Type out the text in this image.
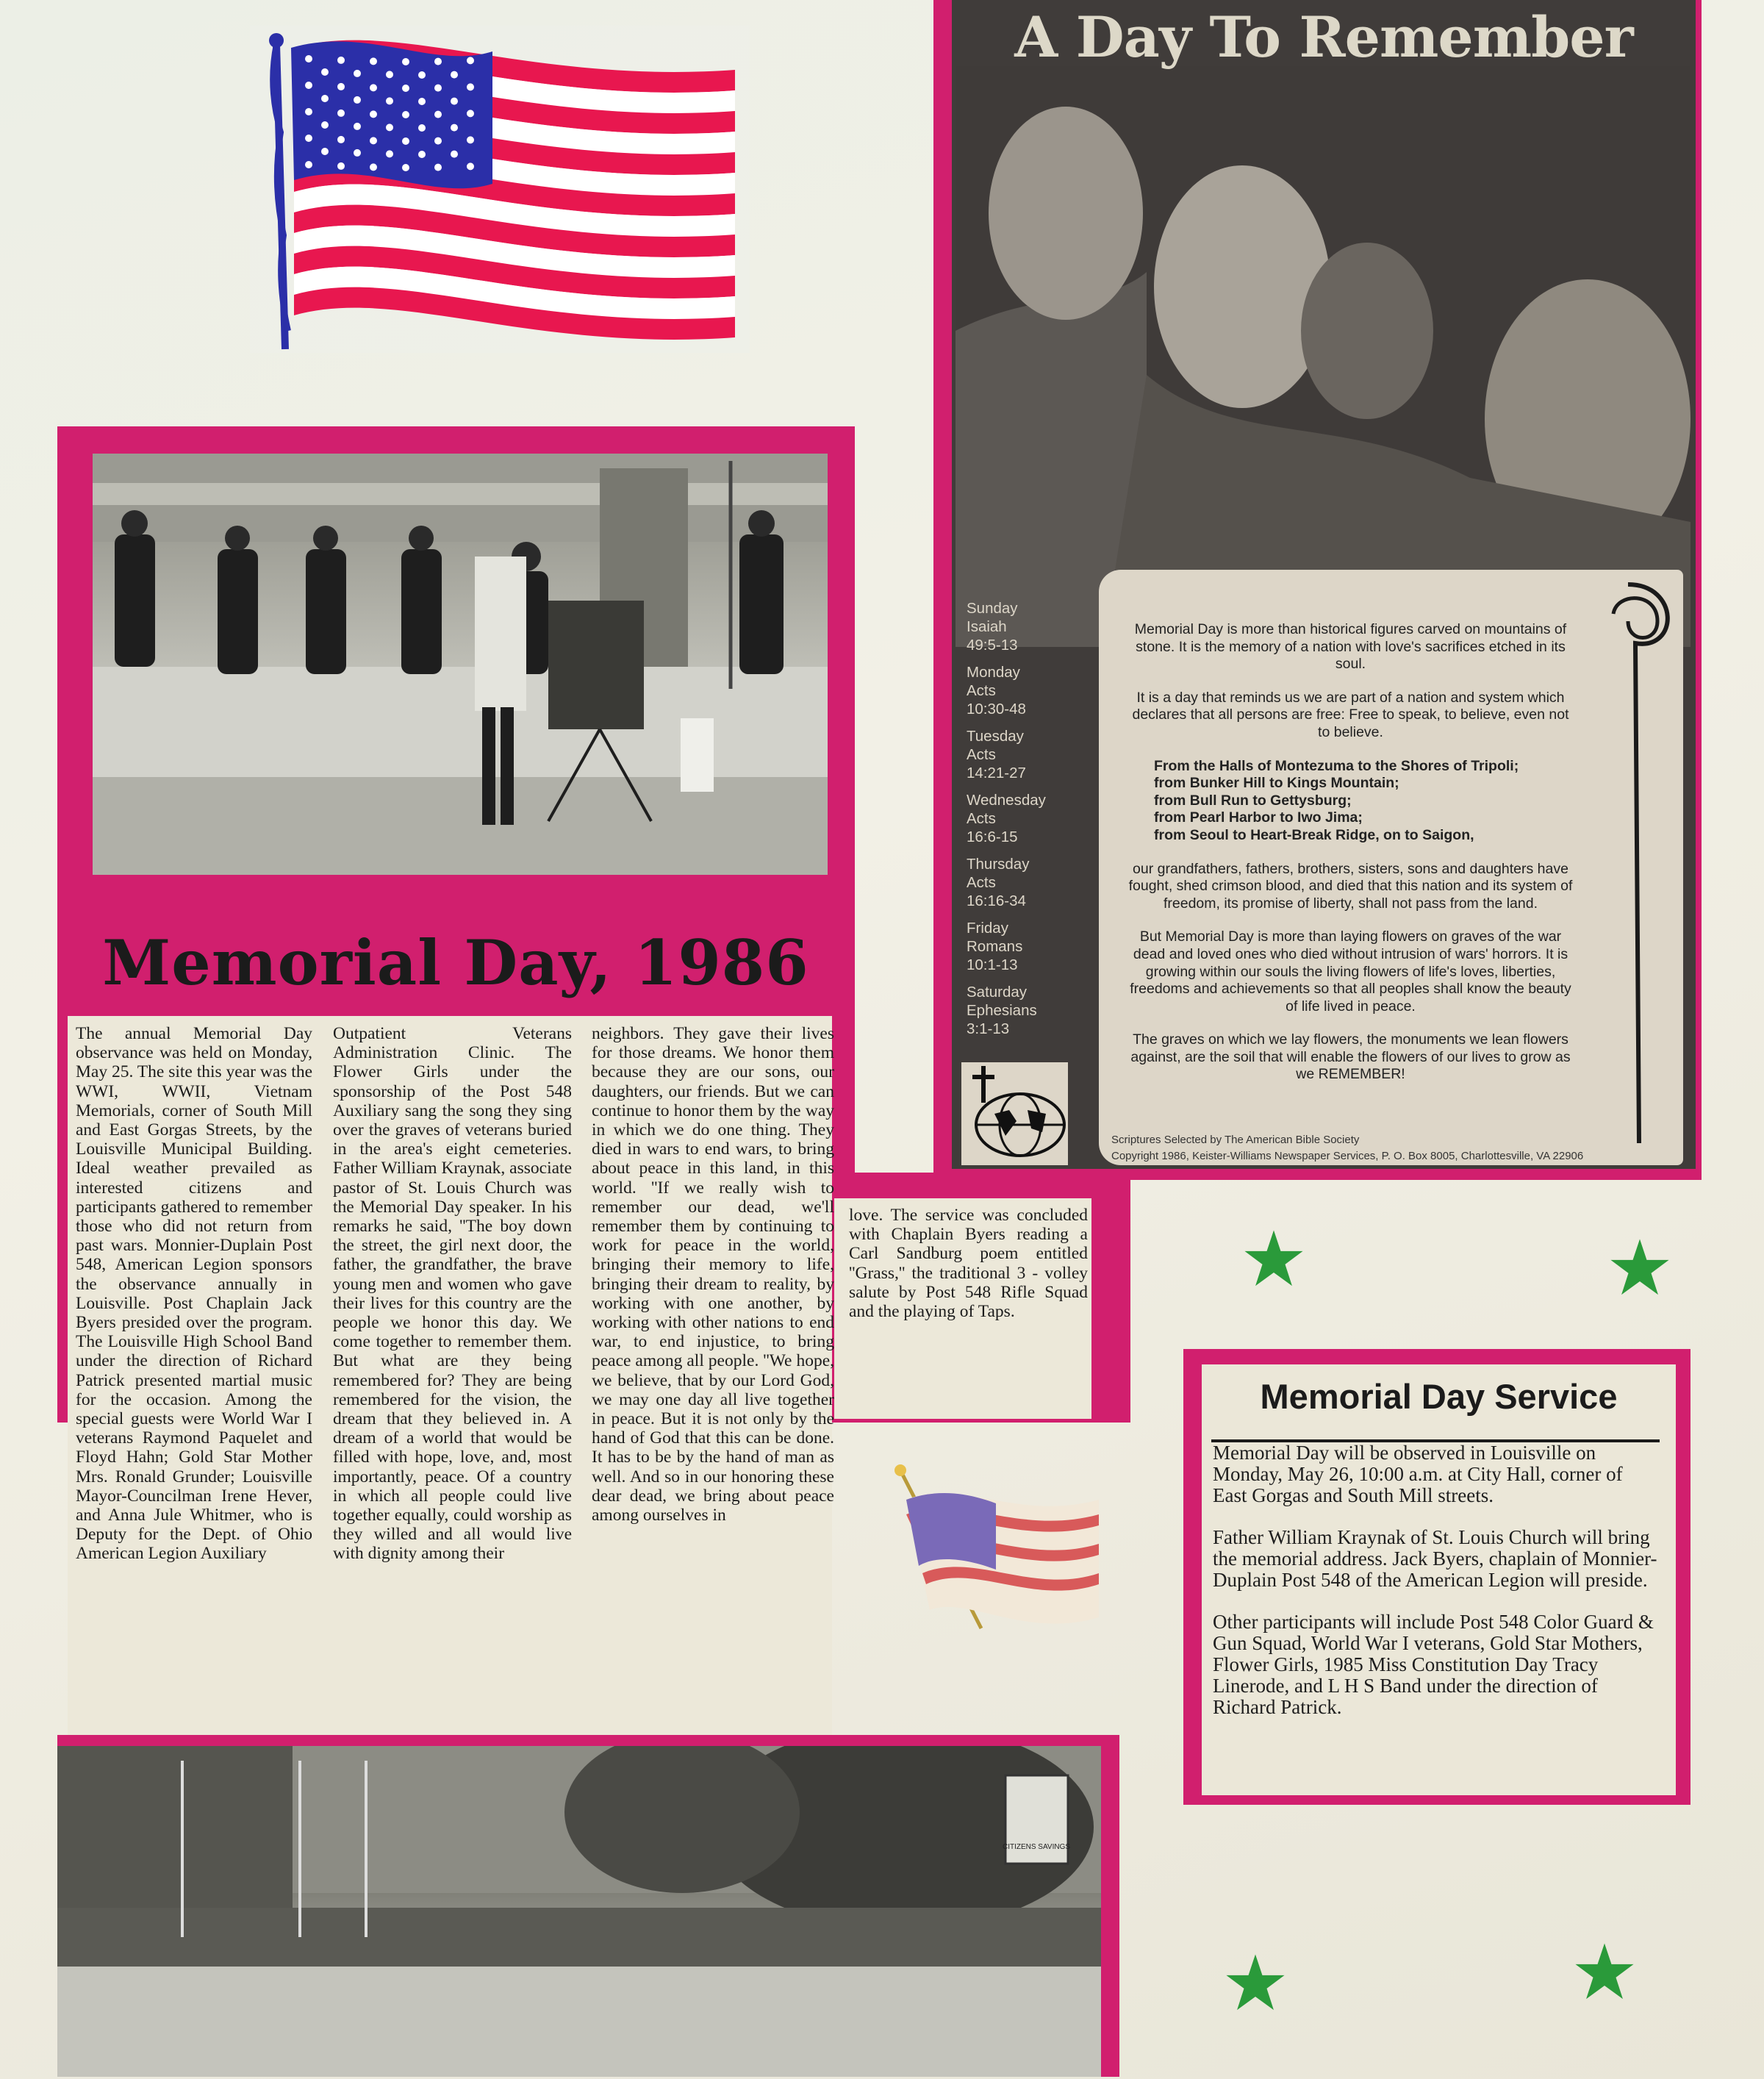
Memorial Day, 1986
The annual Memorial Day observance was held on Monday, May 25. The site this year was the WWI, WWII, Vietnam Memorials, corner of South Mill and East Gorgas Streets, by the Louisville Municipal Building. Ideal weather prevailed as interested citizens and participants gathered to remember those who did not return from past wars. Monnier-Duplain Post 548, American Legion sponsors the observance annually in Louisville. Post Chaplain Jack Byers presided over the program. The Louisville High School Band under the direction of Richard Patrick presented martial music for the occasion. Among the special guests were World War I veterans Raymond Paquelet and Floyd Hahn; Gold Star Mother Mrs. Ronald Grunder; Louisville Mayor-Councilman Irene Hever, and Anna Jule Whitmer, who is Deputy for the Dept. of Ohio American Legion Auxiliary
Outpatient Veterans Administration Clinic. The Flower Girls under the sponsorship of the Post 548 Auxiliary sang the song they sing over the graves of veterans buried in the area's eight cemeteries. Father William Kraynak, associate pastor of St. Louis Church was the Memorial Day speaker. In his remarks he said, ''The boy down the street, the girl next door, the father, the grandfather, the brave young men and women who gave their lives for this country are the people we honor this day. We come together to remember them. But what are they being remembered for? They are being remembered for the vision, the dream that they believed in. A dream of a world that would be filled with hope, love, and, most importantly, peace. Of a country in which all people could live together equally, could worship as they willed and all would live with dignity among their
neighbors. They gave their lives for those dreams. We honor them because they are our sons, our daughters, our friends. But we can continue to honor them by the way in which we do one thing. They died in wars to end wars, to bring about peace in this land, in this world. ''If we really wish to remember our dead, we'll remember them by continuing to work for peace in the world, bringing their memory to life, bringing their dream to reality, by working with one another, by working with other nations to end war, to end injustice, to bring peace among all people. ''We hope, we believe, that by our Lord God, we may one day all live together in peace. But it is not only by the hand of God that this can be done. It has to be by the hand of man as well. And so in our honoring these dear dead, we bring about peace among ourselves in
love. The service was concluded with Chaplain Byers reading a Carl Sandburg poem entitled ''Grass,'' the traditional 3 - volley salute by Post 548 Rifle Squad and the playing of Taps.
CITIZENS SAVINGS
A Day To Remember
Sunday
Isaiah
49:5-13
Monday
Acts
10:30-48
Tuesday
Acts
14:21-27
Wednesday
Acts
16:6-15
Thursday
Acts
16:16-34
Friday
Romans
10:1-13
Saturday
Ephesians
3:1-13

Memorial Day is more than historical figures carved on mountains of stone. It is the memory of a nation with love's sacrifices etched in its soul.

It is a day that reminds us we are part of a nation and system which declares that all persons are free: Free to speak, to believe, even not to believe.

From the Halls of Montezuma to the Shores of Tripoli;
from Bunker Hill to Kings Mountain;
from Bull Run to Gettysburg;
from Pearl Harbor to Iwo Jima;
from Seoul to Heart-Break Ridge, on to Saigon,

our grandfathers, fathers, brothers, sisters, sons and daughters have fought, shed crimson blood, and died that this nation and its system of freedom, its promise of liberty, shall not pass from the land.

But Memorial Day is more than laying flowers on graves of the war dead and loved ones who died without intrusion of wars' horrors. It is growing within our souls the living flowers of life's loves, liberties, freedoms and achievements so that all peoples shall know the beauty of life lived in peace.

The graves on which we lay flowers, the monuments we lean flowers against, are the soil that will enable the flowers of our lives to grow as we REMEMBER!

Scriptures Selected by The American Bible Society
Copyright 1986, Keister-Williams Newspaper Services, P. O. Box 8005, Charlottesville, VA 22906
Memorial Day Service

Memorial Day will be observed in Louisville on Monday, May 26, 10:00 a.m. at City Hall, corner of East Gorgas and South Mill streets.

Father William Kraynak of St. Louis Church will bring the memorial address. Jack Byers, chaplain of Monnier-Duplain Post 548 of the American Legion will preside.

Other participants will include Post 548 Color Guard & Gun Squad, World War I veterans, Gold Star Mothers, Flower Girls, 1985 Miss Constitution Day Tracy Linerode, and L H S Band under the direction of Richard Patrick.
